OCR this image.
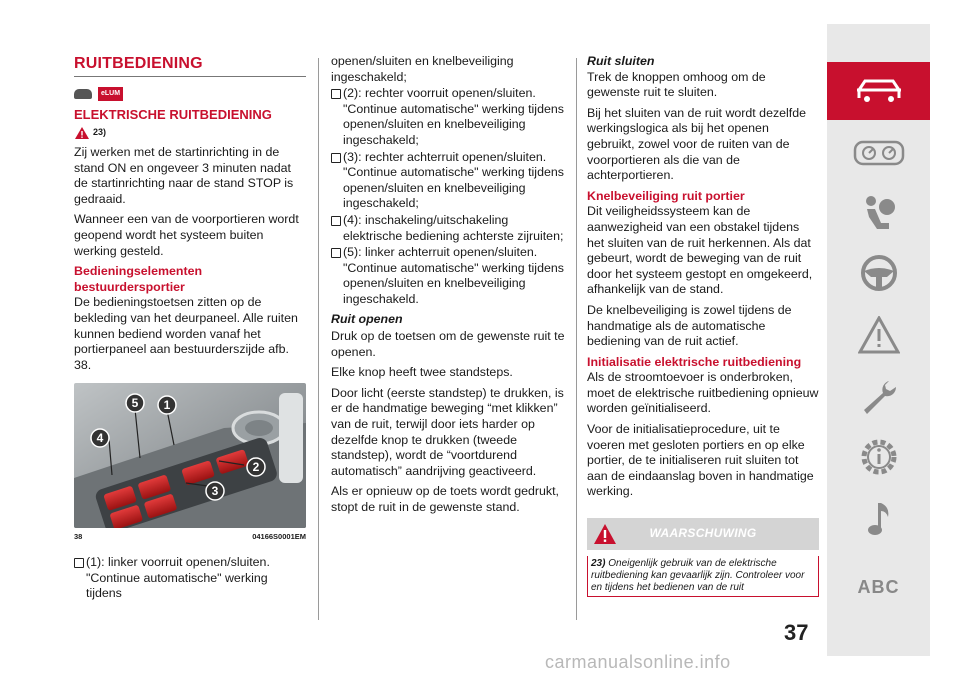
RUITBEDIENING
eLUM
ELEKTRISCHE RUITBEDIENING
23)

Zij werken met de startinrichting in de stand ON en ongeveer 3 minuten nadat de startinrichting naar de stand STOP is gedraaid.

Wanneer een van de voorportieren wordt geopend wordt het systeem buiten werking gesteld.

Bedieningselementen bestuurdersportier

De bedieningstoetsen zitten op de bekleding van het deurpaneel. Alle ruiten kunnen bediend worden vanaf het portierpaneel aan bestuurderszijde afb. 38.

1
5
4
2
3
38	04166S0001EM
(1): linker voorruit openen/sluiten. "Continue automatische" werking tijdens
openen/sluiten en knelbeveiliging ingeschakeld;
(2): rechter voorruit openen/sluiten. "Continue automatische" werking tijdens openen/sluiten en knelbeveiliging ingeschakeld;
(3): rechter achterruit openen/sluiten. "Continue automatische" werking tijdens openen/sluiten en knelbeveiliging ingeschakeld;
(4): inschakeling/uitschakeling elektrische bediening achterste zijruiten;
(5): linker achterruit openen/sluiten. "Continue automatische" werking tijdens openen/sluiten en knelbeveiliging ingeschakeld.
Ruit openen

Druk op de toetsen om de gewenste ruit te openen.

Elke knop heeft twee standsteps.

Door licht (eerste standstep) te drukken, is er de handmatige beweging “met klikken” van de ruit, terwijl door iets harder op dezelfde knop te drukken (tweede standstep), wordt de “voortdurend automatisch” aandrijving geactiveerd.

Als er opnieuw op de toets wordt gedrukt, stopt de ruit in de gewenste stand.

Ruit sluiten

Trek de knoppen omhoog om de gewenste ruit te sluiten.

Bij het sluiten van de ruit wordt dezelfde werkingslogica als bij het openen gebruikt, zowel voor de ruiten van de voorportieren als die van de achterportieren.

Knelbeveiliging ruit portier

Dit veiligheidssysteem kan de aanwezigheid van een obstakel tijdens het sluiten van de ruit herkennen. Als dat gebeurt, wordt de beweging van de ruit door het systeem gestopt en omgekeerd, afhankelijk van de stand.

De knelbeveiliging is zowel tijdens de handmatige als de automatische bediening van de ruit actief.

Initialisatie elektrische ruitbediening

Als de stroomtoevoer is onderbroken, moet de elektrische ruitbediening opnieuw worden geïnitialiseerd.

Voor de initialisatieprocedure, uit te voeren met gesloten portiers en op elke portier, de te initialiseren ruit sluiten tot aan de eindaanslag boven in handmatige werking.

WAARSCHUWING
23) Oneigenlijk gebruik van de elektrische ruitbediening kan gevaarlijk zijn. Controleer voor en tijdens het bedienen van de ruit
37
ABC
carmanualsonline.info
